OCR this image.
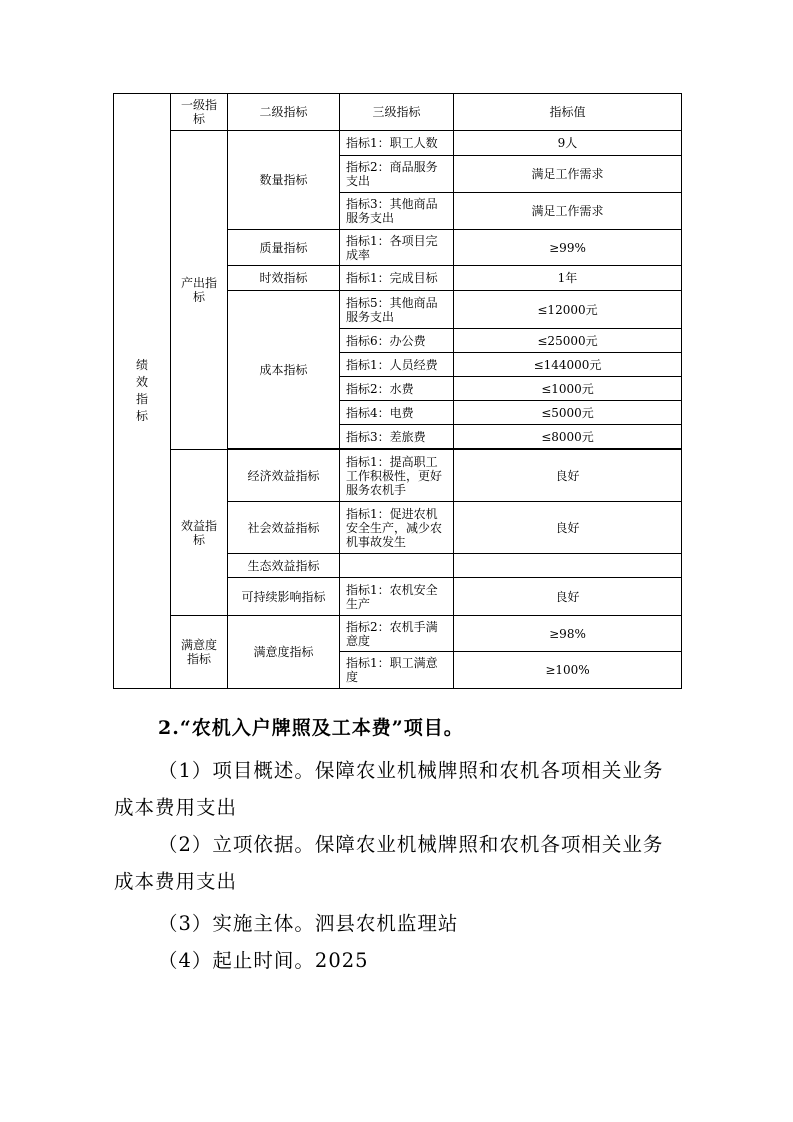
绩效指标	一级指标	二级指标	三级指标	指标值
	产出指标	数量指标	指标1：职工人数	9人
			指标2：商品服务支出	满足工作需求
			指标3：其他商品服务支出	满足工作需求
		质量指标	指标1：各项目完成率	≥99%
		时效指标	指标1：完成目标	1年
		成本指标	指标5：其他商品服务支出	≤12000元
			指标6：办公费	≤25000元
			指标1：人员经费	≤144000元
			指标2：水费	≤1000元
			指标4：电费	≤5000元
			指标3：差旅费	≤8000元

	效益指标	经济效益指标	指标1：提高职工工作积极性，更好服务农机手	良好
		社会效益指标	指标1：促进农机安全生产，减少农机事故发生	良好
		生态效益指标		
		可持续影响指标	指标1：农机安全生产	良好
	满意度指标	满意度指标	指标2：农机手满意度	≥98%
			指标1：职工满意度	≥100%
2.“农机入户牌照及工本费”项目。
（1）项目概述。保障农业机械牌照和农机各项相关业务成本费用支出
（2）立项依据。保障农业机械牌照和农机各项相关业务成本费用支出
（3）实施主体。泗县农机监理站
（4）起止时间。2025
